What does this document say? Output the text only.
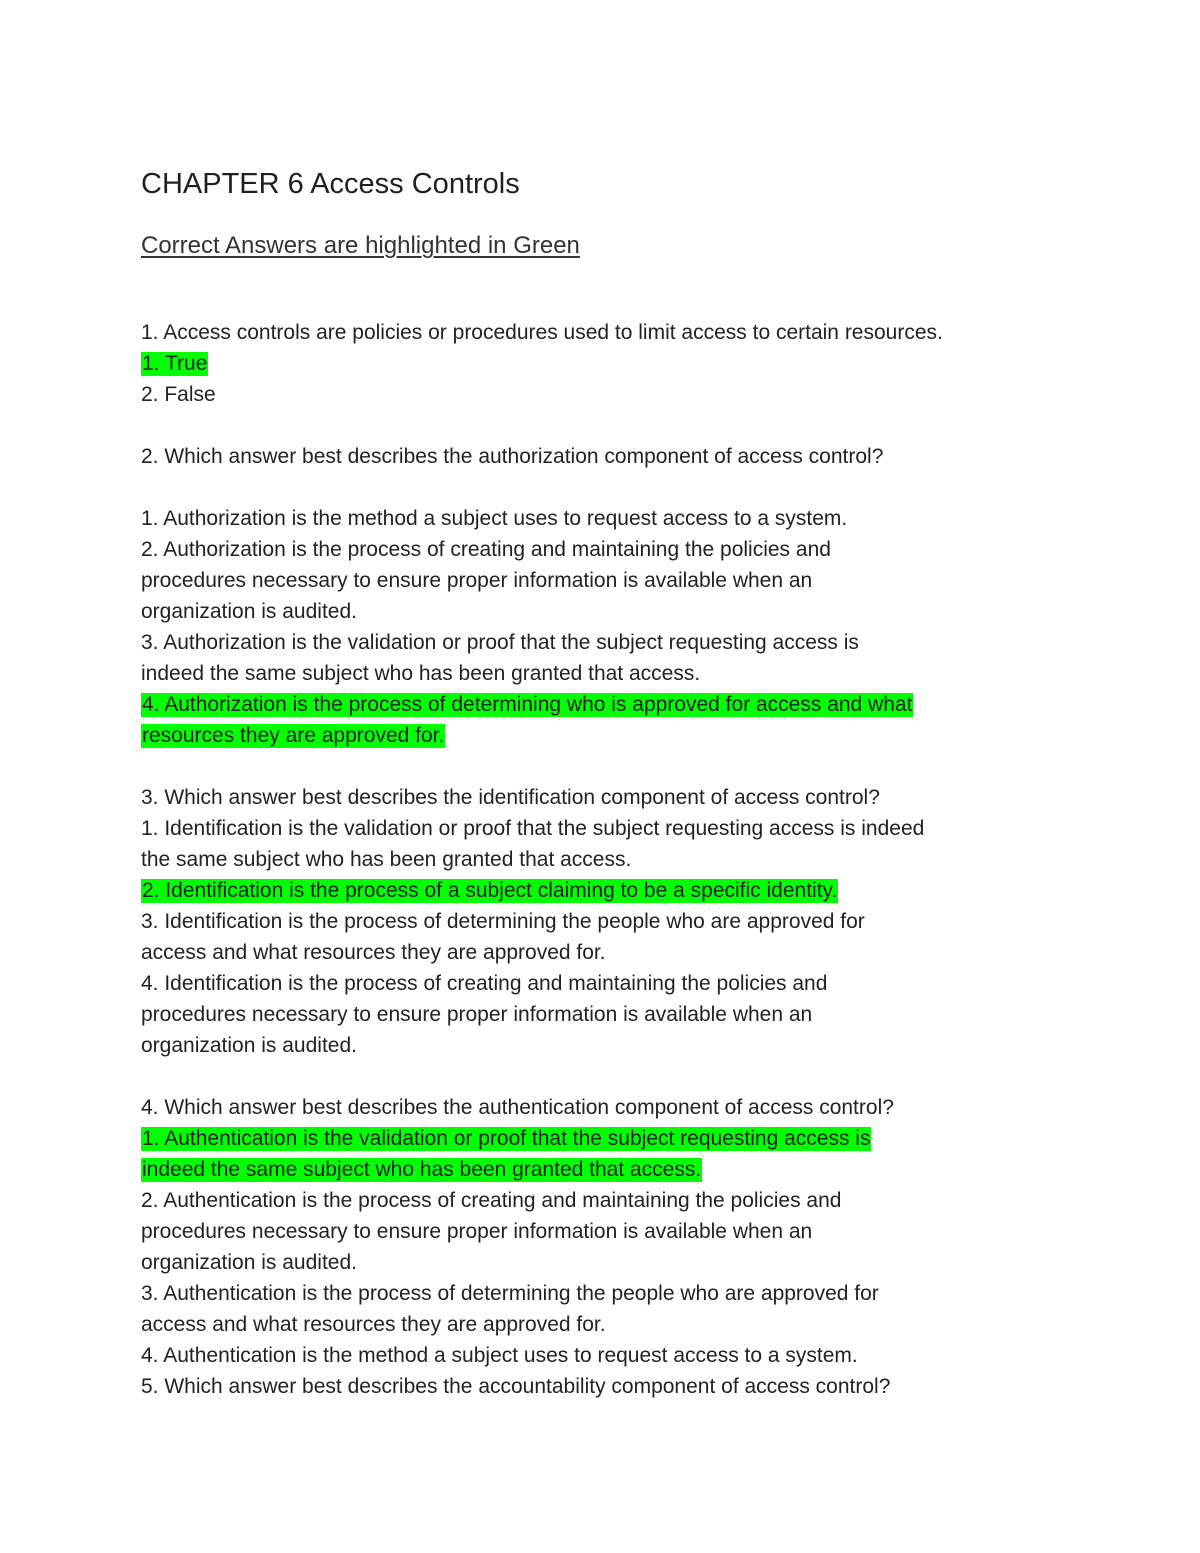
CHAPTER 6 Access Controls
Correct Answers are highlighted in Green
1. Access controls are policies or procedures used to limit access to certain resources.
1. True
2. False
2. Which answer best describes the authorization component of access control?
1. Authorization is the method a subject uses to request access to a system.
2. Authorization is the process of creating and maintaining the policies and
procedures necessary to ensure proper information is available when an
organization is audited.
3. Authorization is the validation or proof that the subject requesting access is
indeed the same subject who has been granted that access.
4. Authorization is the process of determining who is approved for access and what
resources they are approved for.
3. Which answer best describes the identification component of access control?
1. Identification is the validation or proof that the subject requesting access is indeed
the same subject who has been granted that access.
2. Identification is the process of a subject claiming to be a specific identity.
3. Identification is the process of determining the people who are approved for
access and what resources they are approved for.
4. Identification is the process of creating and maintaining the policies and
procedures necessary to ensure proper information is available when an
organization is audited.
4. Which answer best describes the authentication component of access control?
1. Authentication is the validation or proof that the subject requesting access is
indeed the same subject who has been granted that access.
2. Authentication is the process of creating and maintaining the policies and
procedures necessary to ensure proper information is available when an
organization is audited.
3. Authentication is the process of determining the people who are approved for
access and what resources they are approved for.
4. Authentication is the method a subject uses to request access to a system.
5. Which answer best describes the accountability component of access control?
